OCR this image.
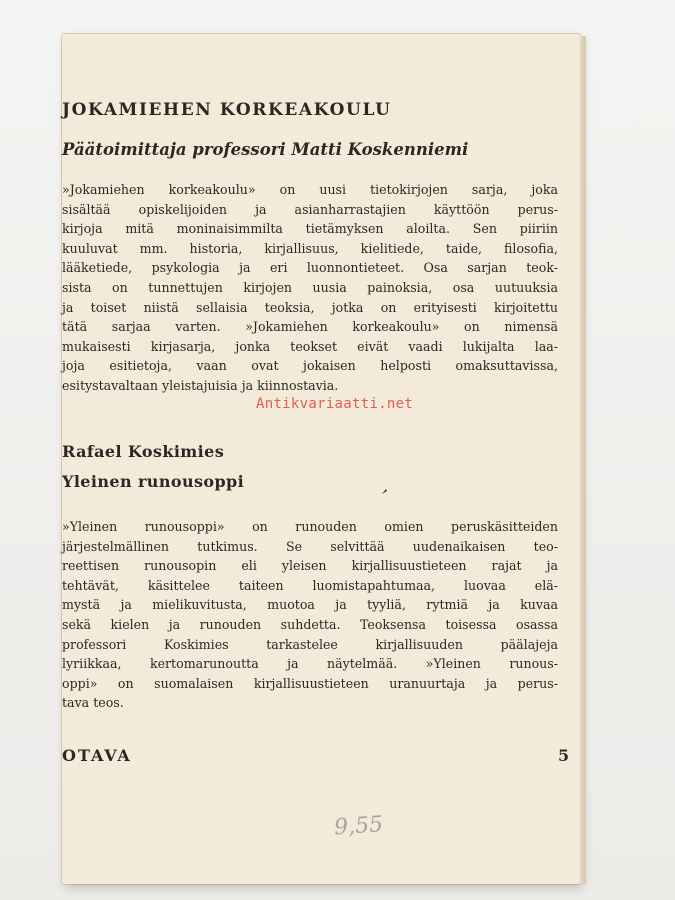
JOKAMIEHEN KORKEAKOULU
Päätoimittaja professori Matti Koskenniemi
»Jokamiehen korkeakoulu» on uusi tietokirjojen sarja, joka
sisältää opiskelijoiden ja asianharrastajien käyttöön perus-
kirjoja mitä moninaisimmilta tietämyksen aloilta. Sen piiriin
kuuluvat mm. historia, kirjallisuus, kielitiede, taide, filosofia,
lääketiede, psykologia ja eri luonnontieteet. Osa sarjan teok-
sista on tunnettujen kirjojen uusia painoksia, osa uutuuksia
ja toiset niistä sellaisia teoksia, jotka on erityisesti kirjoitettu
tätä sarjaa varten. »Jokamiehen korkeakoulu» on nimensä
mukaisesti kirjasarja, jonka teokset eivät vaadi lukijalta laa-
joja esitietoja, vaan ovat jokaisen helposti omaksuttavissa,
esitystavaltaan yleistajuisia ja kiinnostavia.
Antikvariaatti.net
Rafael Koskimies
Yleinen runousoppi
»Yleinen runousoppi» on runouden omien peruskäsitteiden
järjestelmällinen tutkimus. Se selvittää uudenaikaisen teo-
reettisen runousopin eli yleisen kirjallisuustieteen rajat ja
tehtävät, käsittelee taiteen luomistapahtumaa, luovaa elä-
mystä ja mielikuvitusta, muotoa ja tyyliä, rytmiä ja kuvaa
sekä kielen ja runouden suhdetta. Teoksensa toisessa osassa
professori Koskimies tarkastelee kirjallisuuden päälajeja
lyriikkaa, kertomarunoutta ja näytelmää. »Yleinen runous-
oppi» on suomalaisen kirjallisuustieteen uranuurtaja ja perus-
tava teos.
OTAVA	5
9,55
